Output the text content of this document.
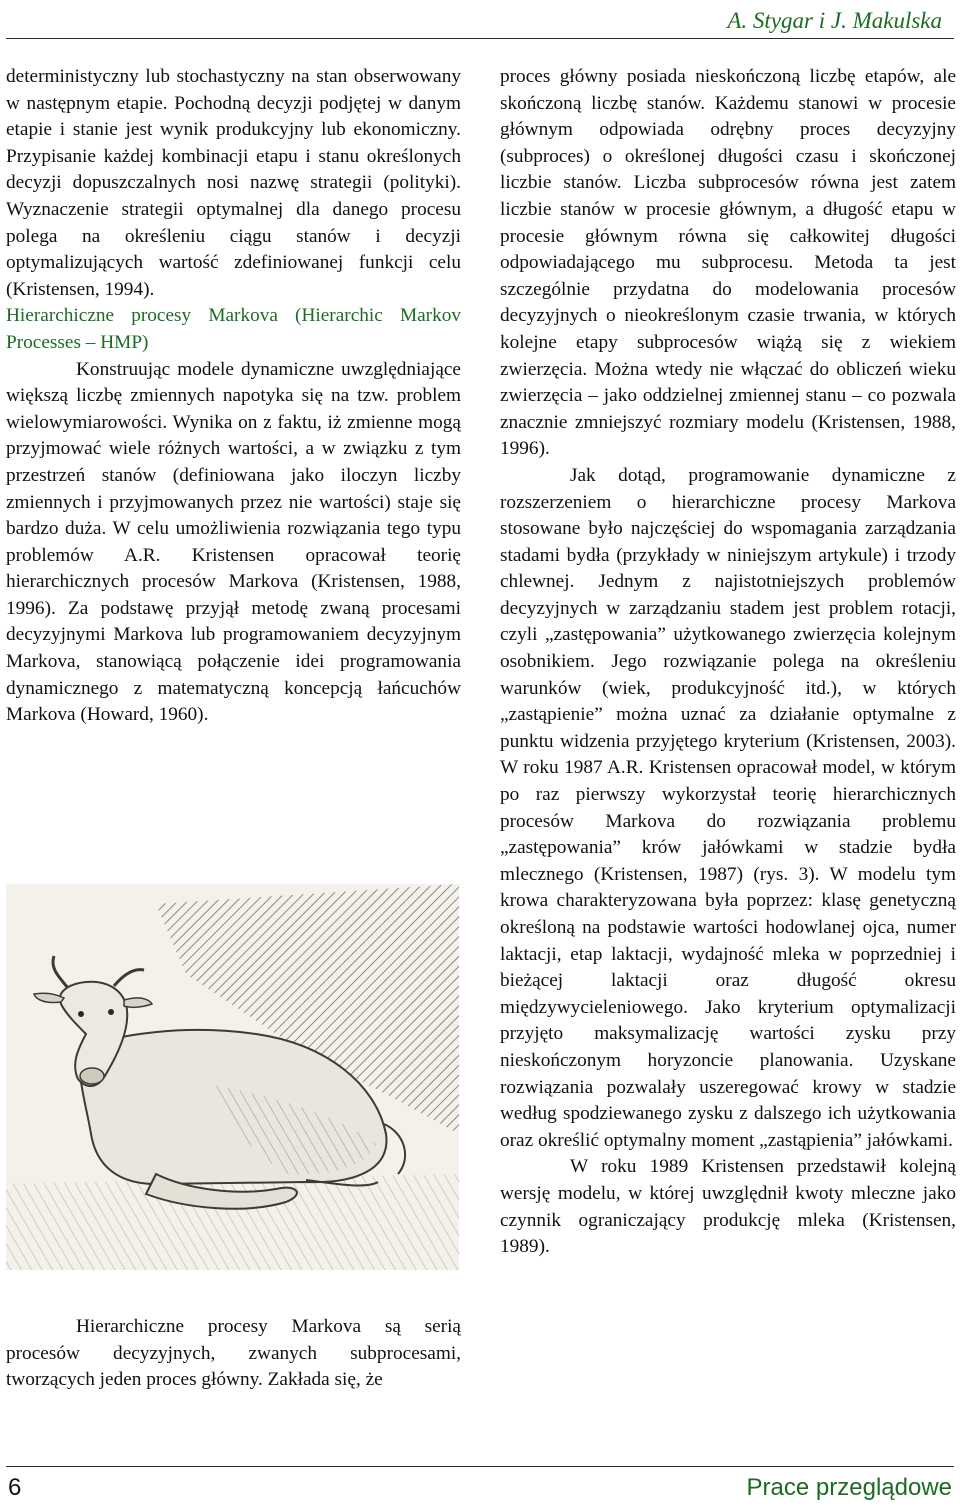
A. Stygar i J. Makulska

deterministyczny lub stochastyczny na stan obserwowany w następnym etapie. Pochodną decyzji podjętej w danym etapie i stanie jest wynik produkcyjny lub ekonomiczny. Przypisanie każdej kombinacji etapu i stanu określonych decyzji dopuszczalnych nosi nazwę strategii (polityki). Wyznaczenie strategii optymalnej dla danego procesu polega na określeniu ciągu stanów i decyzji optymalizujących wartość zdefiniowanej funkcji celu (Kristensen, 1994).

Hierarchiczne procesy Markova (Hierarchic Markov Processes – HMP)

Konstruując modele dynamiczne uwzględniające większą liczbę zmiennych napotyka się na tzw. problem wielowymiarowości. Wynika on z faktu, iż zmienne mogą przyjmować wiele różnych wartości, a w związku z tym przestrzeń stanów (definiowana jako iloczyn liczby zmiennych i przyjmowanych przez nie wartości) staje się bardzo duża. W celu umożliwienia rozwiązania tego typu problemów A.R. Kristensen opracował teorię hierarchicznych procesów Markova (Kristensen, 1988, 1996). Za podstawę przyjął metodę zwaną procesami decyzyjnymi Markova lub programowaniem decyzyjnym Markova, stanowiącą połączenie idei programowania dynamicznego z matematyczną koncepcją łańcuchów Markova (Howard, 1960).

Hierarchiczne procesy Markova są serią procesów decyzyjnych, zwanych subprocesami, tworzących jeden proces główny. Zakłada się, że

proces główny posiada nieskończoną liczbę etapów, ale skończoną liczbę stanów. Każdemu stanowi w procesie głównym odpowiada odrębny proces decyzyjny (subproces) o określonej długości czasu i skończonej liczbie stanów. Liczba subprocesów równa jest zatem liczbie stanów w procesie głównym, a długość etapu w procesie głównym równa się całkowitej długości odpowiadającego mu subprocesu. Metoda ta jest szczególnie przydatna do modelowania procesów decyzyjnych o nieokreślonym czasie trwania, w których kolejne etapy subprocesów wiążą się z wiekiem zwierzęcia. Można wtedy nie włączać do obliczeń wieku zwierzęcia – jako oddzielnej zmiennej stanu – co pozwala znacznie zmniejszyć rozmiary modelu (Kristensen, 1988, 1996).

Jak dotąd, programowanie dynamiczne z rozszerzeniem o hierarchiczne procesy Markova stosowane było najczęściej do wspomagania zarządzania stadami bydła (przykłady w niniejszym artykule) i trzody chlewnej. Jednym z najistotniejszych problemów decyzyjnych w zarządzaniu stadem jest problem rotacji, czyli „zastępowania” użytkowanego zwierzęcia kolejnym osobnikiem. Jego rozwiązanie polega na określeniu warunków (wiek, produkcyjność itd.), w których „zastąpienie” można uznać za działanie optymalne z punktu widzenia przyjętego kryterium (Kristensen, 2003). W roku 1987 A.R. Kristensen opracował model, w którym po raz pierwszy wykorzystał teorię hierarchicznych procesów Markova do rozwiązania problemu „zastępowania” krów jałówkami w stadzie bydła mlecznego (Kristensen, 1987) (rys. 3). W modelu tym krowa charakteryzowana była poprzez: klasę genetyczną określoną na podstawie wartości hodowlanej ojca, numer laktacji, etap laktacji, wydajność mleka w poprzedniej i bieżącej laktacji oraz długość okresu międzywycieleniowego. Jako kryterium optymalizacji przyjęto maksymalizację wartości zysku przy nieskończonym horyzoncie planowania. Uzyskane rozwiązania pozwalały uszeregować krowy w stadzie według spodziewanego zysku z dalszego ich użytkowania oraz określić optymalny moment „zastąpienia” jałówkami.

W roku 1989 Kristensen przedstawił kolejną wersję modelu, w której uwzględnił kwoty mleczne jako czynnik ograniczający produkcję mleka (Kristensen, 1989).

6	Prace przeglądowe
